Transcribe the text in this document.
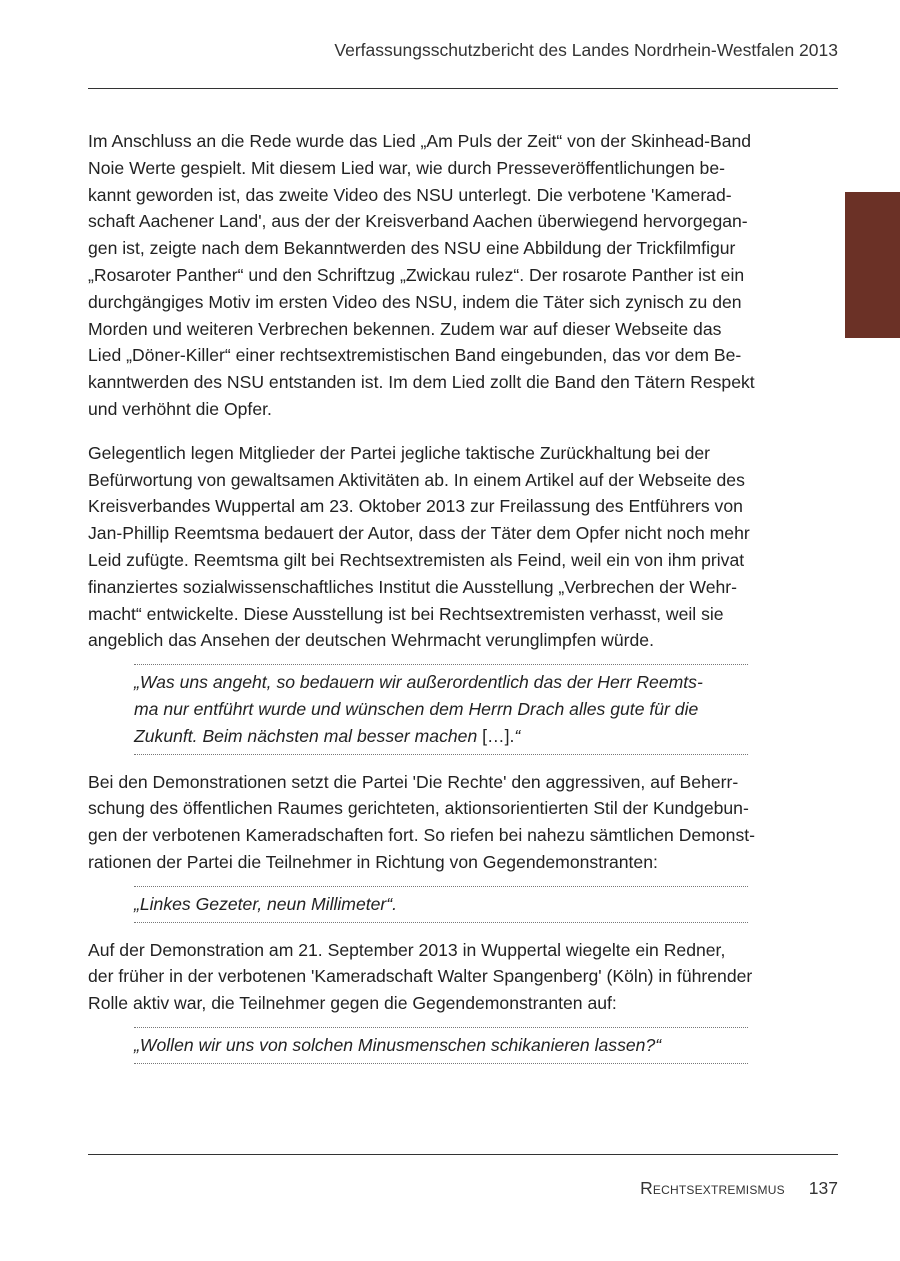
Verfassungsschutzbericht des Landes Nordrhein-Westfalen 2013

Im Anschluss an die Rede wurde das Lied „Am Puls der Zeit“ von der Skinhead-Band
Noie Werte gespielt. Mit diesem Lied war, wie durch Presseveröffentlichungen be-
kannt geworden ist, das zweite Video des NSU unterlegt. Die verbotene 'Kamerad-
schaft Aachener Land', aus der der Kreisverband Aachen überwiegend hervorgegan-
gen ist, zeigte nach dem Bekanntwerden des NSU eine Abbildung der Trickfilmfigur
„Rosaroter Panther“ und den Schriftzug „Zwickau rulez“. Der rosarote Panther ist ein
durchgängiges Motiv im ersten Video des NSU, indem die Täter sich zynisch zu den
Morden und weiteren Verbrechen bekennen. Zudem war auf dieser Webseite das
Lied „Döner-Killer“ einer rechtsextremistischen Band eingebunden, das vor dem Be-
kanntwerden des NSU entstanden ist. Im dem Lied zollt die Band den Tätern Respekt
und verhöhnt die Opfer.

Gelegentlich legen Mitglieder der Partei jegliche taktische Zurückhaltung bei der
Befürwortung von gewaltsamen Aktivitäten ab. In einem Artikel auf der Webseite des
Kreisverbandes Wuppertal am 23. Oktober 2013 zur Freilassung des Entführers von
Jan-Phillip Reemtsma bedauert der Autor, dass der Täter dem Opfer nicht noch mehr
Leid zufügte. Reemtsma gilt bei Rechtsextremisten als Feind, weil ein von ihm privat
finanziertes sozialwissenschaftliches Institut die Ausstellung „Verbrechen der Wehr-
macht“ entwickelte. Diese Ausstellung ist bei Rechtsextremisten verhasst, weil sie
angeblich das Ansehen der deutschen Wehrmacht verunglimpfen würde.

„Was uns angeht, so bedauern wir außerordentlich das der Herr Reemts-
ma nur entführt wurde und wünschen dem Herrn Drach alles gute für die
Zukunft. Beim nächsten mal besser machen […].“

Bei den Demonstrationen setzt die Partei 'Die Rechte' den aggressiven, auf Beherr-
schung des öffentlichen Raumes gerichteten, aktionsorientierten Stil der Kundgebun-
gen der verbotenen Kameradschaften fort. So riefen bei nahezu sämtlichen Demonst-
rationen der Partei die Teilnehmer in Richtung von Gegendemonstranten:

„Linkes Gezeter, neun Millimeter“.

Auf der Demonstration am 21. September 2013 in Wuppertal wiegelte ein Redner,
der früher in der verbotenen 'Kameradschaft Walter Spangenberg' (Köln) in führender
Rolle aktiv war, die Teilnehmer gegen die Gegendemonstranten auf:

„Wollen wir uns von solchen Minusmenschen schikanieren lassen?“
Rechtsextremismus 137
